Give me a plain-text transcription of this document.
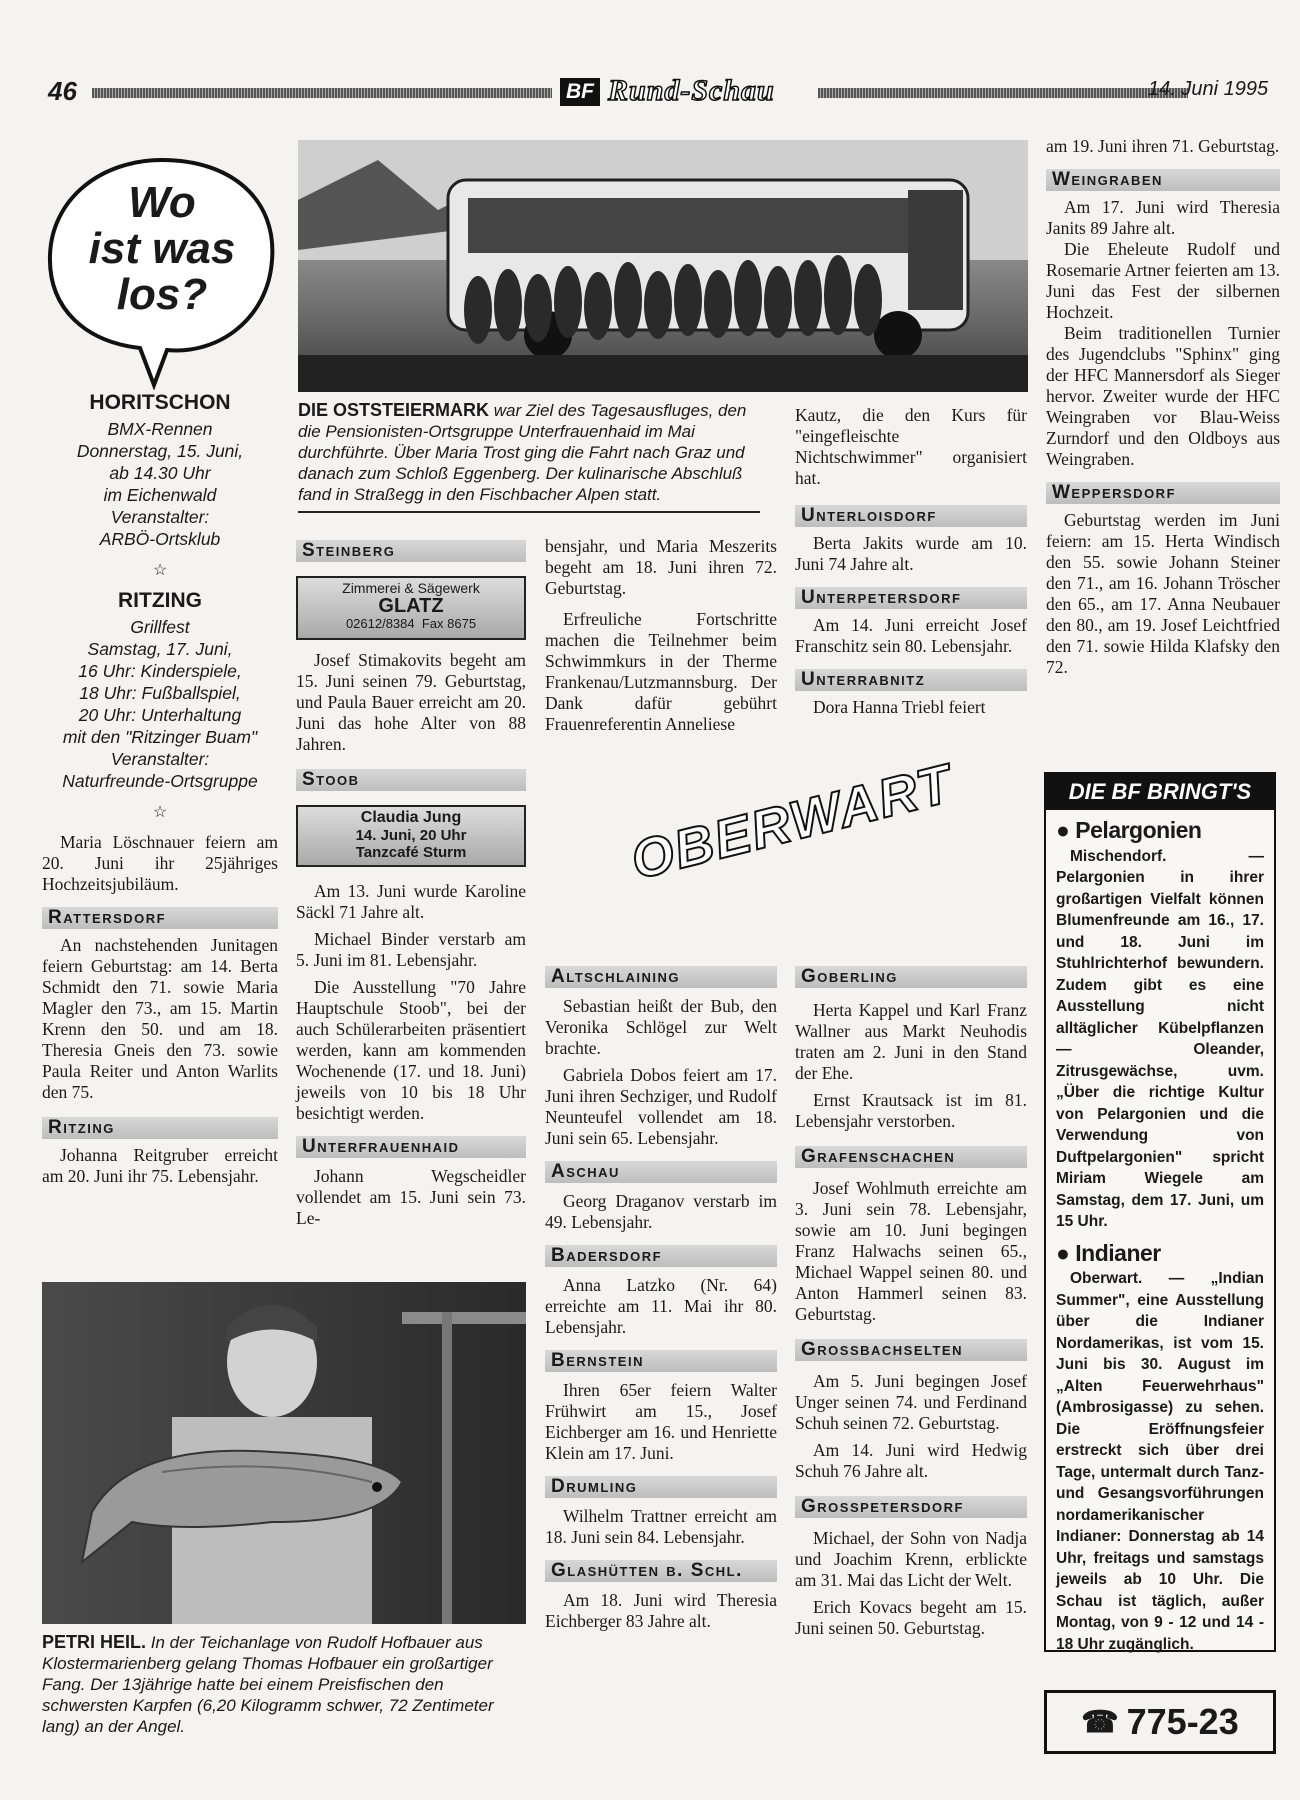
46	BF Rund-Schau	14. Juni 1995
Wo
ist was
los?
HORITSCHON
BMX-Rennen
Donnerstag, 15. Juni,
ab 14.30 Uhr
im Eichenwald
Veranstalter:
ARBÖ-Ortsklub
☆
RITZING
Grillfest
Samstag, 17. Juni,
16 Uhr: Kinderspiele,
18 Uhr: Fußballspiel,
20 Uhr: Unterhaltung
mit den "Ritzinger Buam"
Veranstalter:
Naturfreunde-Ortsgruppe
☆

Maria Löschnauer feiern am 20. Juni ihr 25jähriges Hochzeitsjubiläum.

Rattersdorf

An nachstehenden Junitagen feiern Geburtstag: am 14. Berta Schmidt den 71. sowie Maria Magler den 73., am 15. Martin Krenn den 50. und am 18. Theresia Gneis den 73. sowie Paula Reiter und Anton Warlits den 75.

Ritzing

Johanna Reitgruber erreicht am 20. Juni ihr 75. Lebensjahr.

DIE OSTSTEIERMARK war Ziel des Tagesausfluges, den die Pensionisten-Ortsgruppe Unterfrauenhaid im Mai durchführte. Über Maria Trost ging die Fahrt nach Graz und danach zum Schloß Eggenberg. Der kulinarische Abschluß fand in Straßegg in den Fischbacher Alpen statt.
Steinberg
Zimmerei & Sägewerk
GLATZ
02612/8384 Fax 8675

Josef Stimakovits begeht am 15. Juni seinen 79. Geburtstag, und Paula Bauer erreicht am 20. Juni das hohe Alter von 88 Jahren.

Stoob
Claudia Jung
14. Juni, 20 Uhr
Tanzcafé Sturm

Am 13. Juni wurde Karoline Säckl 71 Jahre alt.

Michael Binder verstarb am 5. Juni im 81. Lebensjahr.

Die Ausstellung "70 Jahre Hauptschule Stoob", bei der auch Schülerarbeiten präsentiert werden, kann am kommenden Wochenende (17. und 18. Juni) jeweils von 10 bis 18 Uhr besichtigt werden.

Unterfrauenhaid

Johann Wegscheidler vollendet am 15. Juni sein 73. Le-

bensjahr, und Maria Meszerits begeht am 18. Juni ihren 72. Geburtstag.

Erfreuliche Fortschritte machen die Teilnehmer beim Schwimmkurs in der Therme Frankenau/Lutzmannsburg. Der Dank dafür gebührt Frauenreferentin Anneliese

Kautz, die den Kurs für "eingefleischte Nichtschwimmer" organisiert hat.

Unterloisdorf

Berta Jakits wurde am 10. Juni 74 Jahre alt.

Unterpetersdorf

Am 14. Juni erreicht Josef Franschitz sein 80. Lebensjahr.

Unterrabnitz

Dora Hanna Triebl feiert

am 19. Juni ihren 71. Geburtstag.

Weingraben

Am 17. Juni wird Theresia Janits 89 Jahre alt.

Die Eheleute Rudolf und Rosemarie Artner feierten am 13. Juni das Fest der silbernen Hochzeit.

Beim traditionellen Turnier des Jugendclubs "Sphinx" ging der HFC Mannersdorf als Sieger hervor. Zweiter wurde der HFC Weingraben vor Blau-Weiss Zurndorf und den Oldboys aus Weingraben.

Weppersdorf

Geburtstag werden im Juni feiern: am 15. Herta Windisch den 55. sowie Johann Steiner den 71., am 16. Johann Tröscher den 65., am 17. Anna Neubauer den 80., am 19. Josef Leichtfried den 71. sowie Hilda Klafsky den 72.

OBERWART
Altschlaining

Sebastian heißt der Bub, den Veronika Schlögel zur Welt brachte.

Gabriela Dobos feiert am 17. Juni ihren Sechziger, und Rudolf Neunteufel vollendet am 18. Juni sein 65. Lebensjahr.

Aschau

Georg Draganov verstarb im 49. Lebensjahr.

Badersdorf

Anna Latzko (Nr. 64) erreichte am 11. Mai ihr 80. Lebensjahr.

Bernstein

Ihren 65er feiern Walter Frühwirt am 15., Josef Eichberger am 16. und Henriette Klein am 17. Juni.

Drumling

Wilhelm Trattner erreicht am 18. Juni sein 84. Lebensjahr.

Glashütten b. Schl.

Am 18. Juni wird Theresia Eichberger 83 Jahre alt.

Goberling

Herta Kappel und Karl Franz Wallner aus Markt Neuhodis traten am 2. Juni in den Stand der Ehe.

Ernst Krautsack ist im 81. Lebensjahr verstorben.

Grafenschachen

Josef Wohlmuth erreichte am 3. Juni sein 78. Lebensjahr, sowie am 10. Juni begingen Franz Halwachs seinen 65., Michael Wappel seinen 80. und Anton Hammerl seinen 83. Geburtstag.

Grossbachselten

Am 5. Juni begingen Josef Unger seinen 74. und Ferdinand Schuh seinen 72. Geburtstag.

Am 14. Juni wird Hedwig Schuh 76 Jahre alt.

Grosspetersdorf

Michael, der Sohn von Nadja und Joachim Krenn, erblickte am 31. Mai das Licht der Welt.

Erich Kovacs begeht am 15. Juni seinen 50. Geburtstag.

PETRI HEIL. In der Teichanlage von Rudolf Hofbauer aus Klostermarienberg gelang Thomas Hofbauer ein großartiger Fang. Der 13jährige hatte bei einem Preisfischen den schwersten Karpfen (6,20 Kilogramm schwer, 72 Zentimeter lang) an der Angel.
DIE BF BRINGT'S
● Pelargonien

Mischendorf. — Pelargonien in ihrer großartigen Vielfalt können Blumenfreunde am 16., 17. und 18. Juni im Stuhlrichterhof bewundern. Zudem gibt es eine Ausstellung nicht alltäglicher Kübelpflanzen — Oleander, Zitrusgewächse, uvm. „Über die richtige Kultur von Pelargonien und die Verwendung von Duftpelargonien" spricht Miriam Wiegele am Samstag, dem 17. Juni, um 15 Uhr.

● Indianer

Oberwart. — „Indian Summer", eine Ausstellung über die Indianer Nordamerikas, ist vom 15. Juni bis 30. August im „Alten Feuerwehrhaus" (Ambrosigasse) zu sehen. Die Eröffnungsfeier erstreckt sich über drei Tage, untermalt durch Tanz- und Gesangsvorführungen nordamerikanischer Indianer: Donnerstag ab 14 Uhr, freitags und samstags jeweils ab 10 Uhr. Die Schau ist täglich, außer Montag, von 9 - 12 und 14 - 18 Uhr zugänglich.

☎ 775-23
